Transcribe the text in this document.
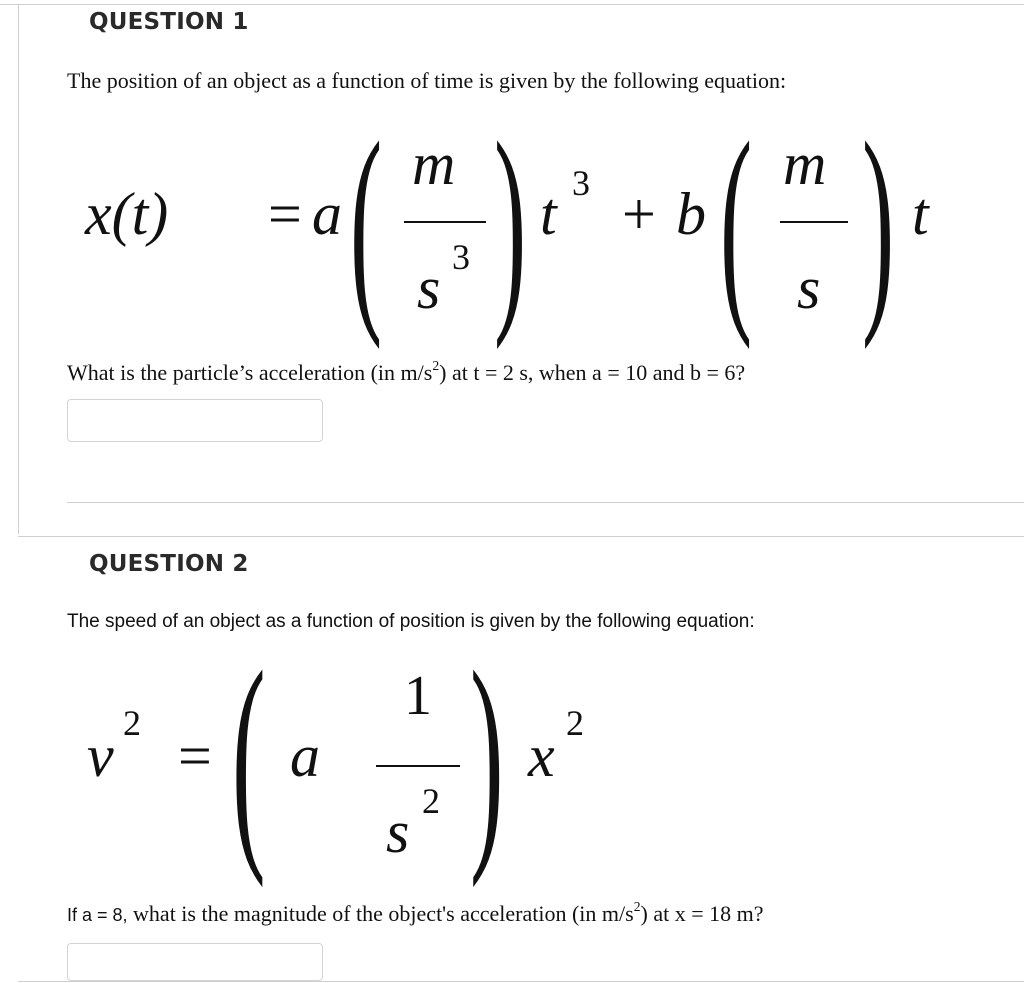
QUESTION 1
The position of an object as a function of time is given by the following equation:
x(t) = a ( m
s 3 ) t 3 + b ( m
s ) t
What is the particle’s acceleration (in $m/s^2$) at t = 2 s, when a = 10 and b = 6?
QUESTION 2
The speed of an object as a function of position is given by the following equation:
v 2 = ( a
1
s 2 ) x 2
If a = 8, what is the magnitude of the object's acceleration (in $m/s^2$) at x = 18 m?
